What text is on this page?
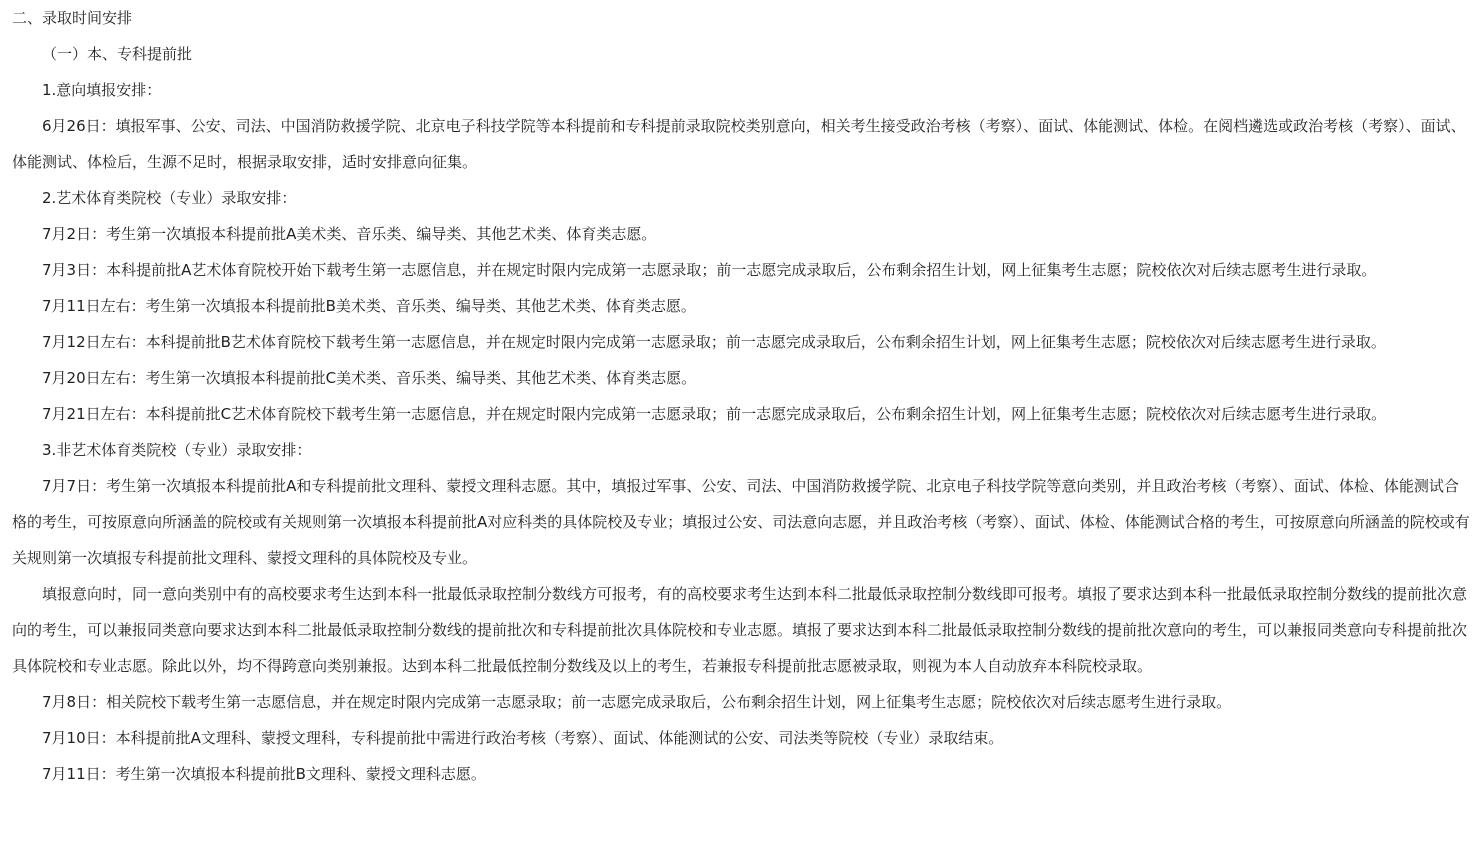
二、录取时间安排

（一）本、专科提前批

1.意向填报安排：

6月26日：填报军事、公安、司法、中国消防救援学院、北京电子科技学院等本科提前和专科提前录取院校类别意向，相关考生接受政治考核（考察）、面试、体能测试、体检。在阅档遴选或政治考核（考察）、面试、体能测试、体检后，生源不足时，根据录取安排，适时安排意向征集。

2.艺术体育类院校（专业）录取安排：

7月2日：考生第一次填报本科提前批A美术类、音乐类、编导类、其他艺术类、体育类志愿。

7月3日：本科提前批A艺术体育院校开始下载考生第一志愿信息，并在规定时限内完成第一志愿录取；前一志愿完成录取后，公布剩余招生计划，网上征集考生志愿；院校依次对后续志愿考生进行录取。

7月11日左右：考生第一次填报本科提前批B美术类、音乐类、编导类、其他艺术类、体育类志愿。

7月12日左右：本科提前批B艺术体育院校下载考生第一志愿信息，并在规定时限内完成第一志愿录取；前一志愿完成录取后，公布剩余招生计划，网上征集考生志愿；院校依次对后续志愿考生进行录取。

7月20日左右：考生第一次填报本科提前批C美术类、音乐类、编导类、其他艺术类、体育类志愿。

7月21日左右：本科提前批C艺术体育院校下载考生第一志愿信息，并在规定时限内完成第一志愿录取；前一志愿完成录取后，公布剩余招生计划，网上征集考生志愿；院校依次对后续志愿考生进行录取。

3.非艺术体育类院校（专业）录取安排：

7月7日：考生第一次填报本科提前批A和专科提前批文理科、蒙授文理科志愿。其中，填报过军事、公安、司法、中国消防救援学院、北京电子科技学院等意向类别，并且政治考核（考察）、面试、体检、体能测试合格的考生，可按原意向所涵盖的院校或有关规则第一次填报本科提前批A对应科类的具体院校及专业；填报过公安、司法意向志愿，并且政治考核（考察）、面试、体检、体能测试合格的考生，可按原意向所涵盖的院校或有关规则第一次填报专科提前批文理科、蒙授文理科的具体院校及专业。

填报意向时，同一意向类别中有的高校要求考生达到本科一批最低录取控制分数线方可报考，有的高校要求考生达到本科二批最低录取控制分数线即可报考。填报了要求达到本科一批最低录取控制分数线的提前批次意向的考生，可以兼报同类意向要求达到本科二批最低录取控制分数线的提前批次和专科提前批次具体院校和专业志愿。填报了要求达到本科二批最低录取控制分数线的提前批次意向的考生，可以兼报同类意向专科提前批次具体院校和专业志愿。除此以外，均不得跨意向类别兼报。达到本科二批最低控制分数线及以上的考生，若兼报专科提前批志愿被录取，则视为本人自动放弃本科院校录取。

7月8日：相关院校下载考生第一志愿信息，并在规定时限内完成第一志愿录取；前一志愿完成录取后，公布剩余招生计划，网上征集考生志愿；院校依次对后续志愿考生进行录取。

7月10日：本科提前批A文理科、蒙授文理科，专科提前批中需进行政治考核（考察）、面试、体能测试的公安、司法类等院校（专业）录取结束。

7月11日：考生第一次填报本科提前批B文理科、蒙授文理科志愿。
